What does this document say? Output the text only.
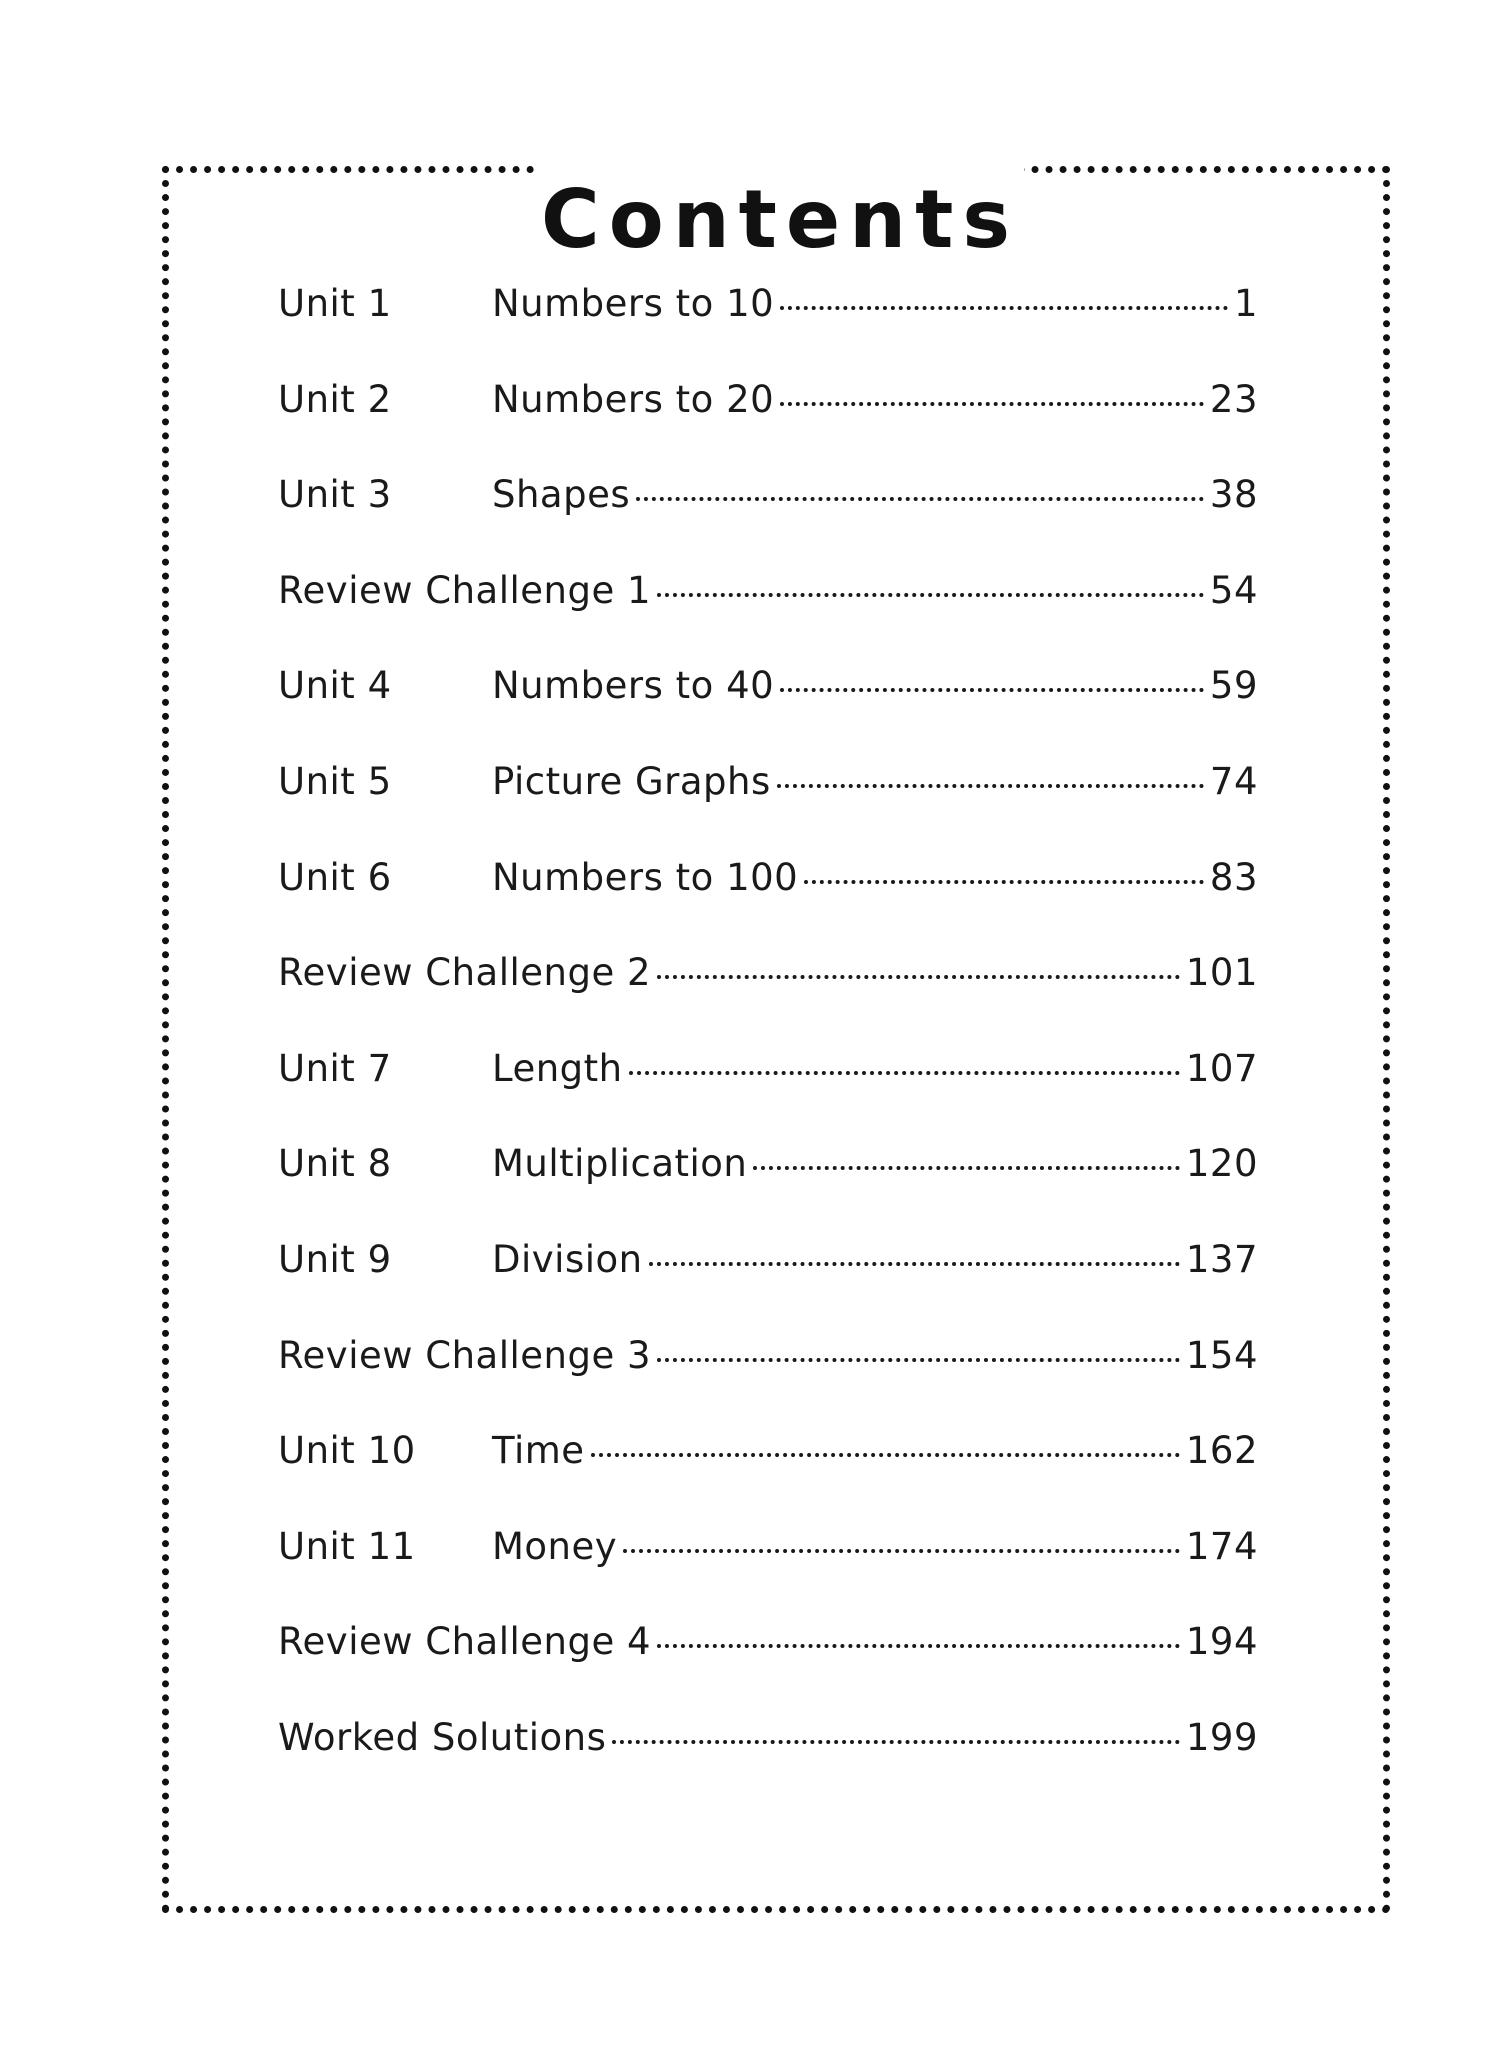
Contents
Unit 1	Numbers to 10	1
Unit 2	Numbers to 20	23
Unit 3	Shapes	38
Review Challenge 1	54
Unit 4	Numbers to 40	59
Unit 5	Picture Graphs	74
Unit 6	Numbers to 100	83
Review Challenge 2	101
Unit 7	Length	107
Unit 8	Multiplication	120
Unit 9	Division	137
Review Challenge 3	154
Unit 10	Time	162
Unit 11	Money	174
Review Challenge 4	194
Worked Solutions	199
